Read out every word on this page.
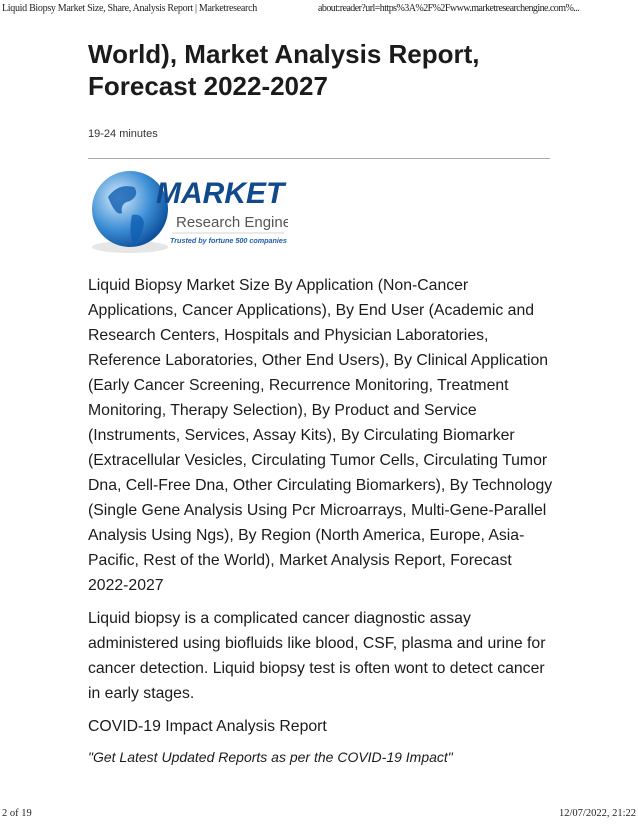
Liquid Biopsy Market Size, Share, Analysis Report | Marketresearch	about:reader?url=https%3A%2F%2Fwww.marketresearchengine.com%...
World), Market Analysis Report,
Forecast 2022-2027
19-24 minutes
MARKET
Research Engine
Trusted by fortune 500 companies
Liquid Biopsy Market Size By Application (Non-Cancer
Applications, Cancer Applications), By End User (Academic and
Research Centers, Hospitals and Physician Laboratories,
Reference Laboratories, Other End Users), By Clinical Application
(Early Cancer Screening, Recurrence Monitoring, Treatment
Monitoring, Therapy Selection), By Product and Service
(Instruments, Services, Assay Kits), By Circulating Biomarker
(Extracellular Vesicles, Circulating Tumor Cells, Circulating Tumor
Dna, Cell-Free Dna, Other Circulating Biomarkers), By Technology
(Single Gene Analysis Using Pcr Microarrays, Multi-Gene-Parallel
Analysis Using Ngs), By Region (North America, Europe, Asia-
Pacific, Rest of the World), Market Analysis Report, Forecast
2022-2027
Liquid biopsy is a complicated cancer diagnostic assay
administered using biofluids like blood, CSF, plasma and urine for
cancer detection. Liquid biopsy test is often wont to detect cancer
in early stages.
COVID-19 Impact Analysis Report
"Get Latest Updated Reports as per the COVID-19 Impact"
2 of 19	12/07/2022, 21:22
